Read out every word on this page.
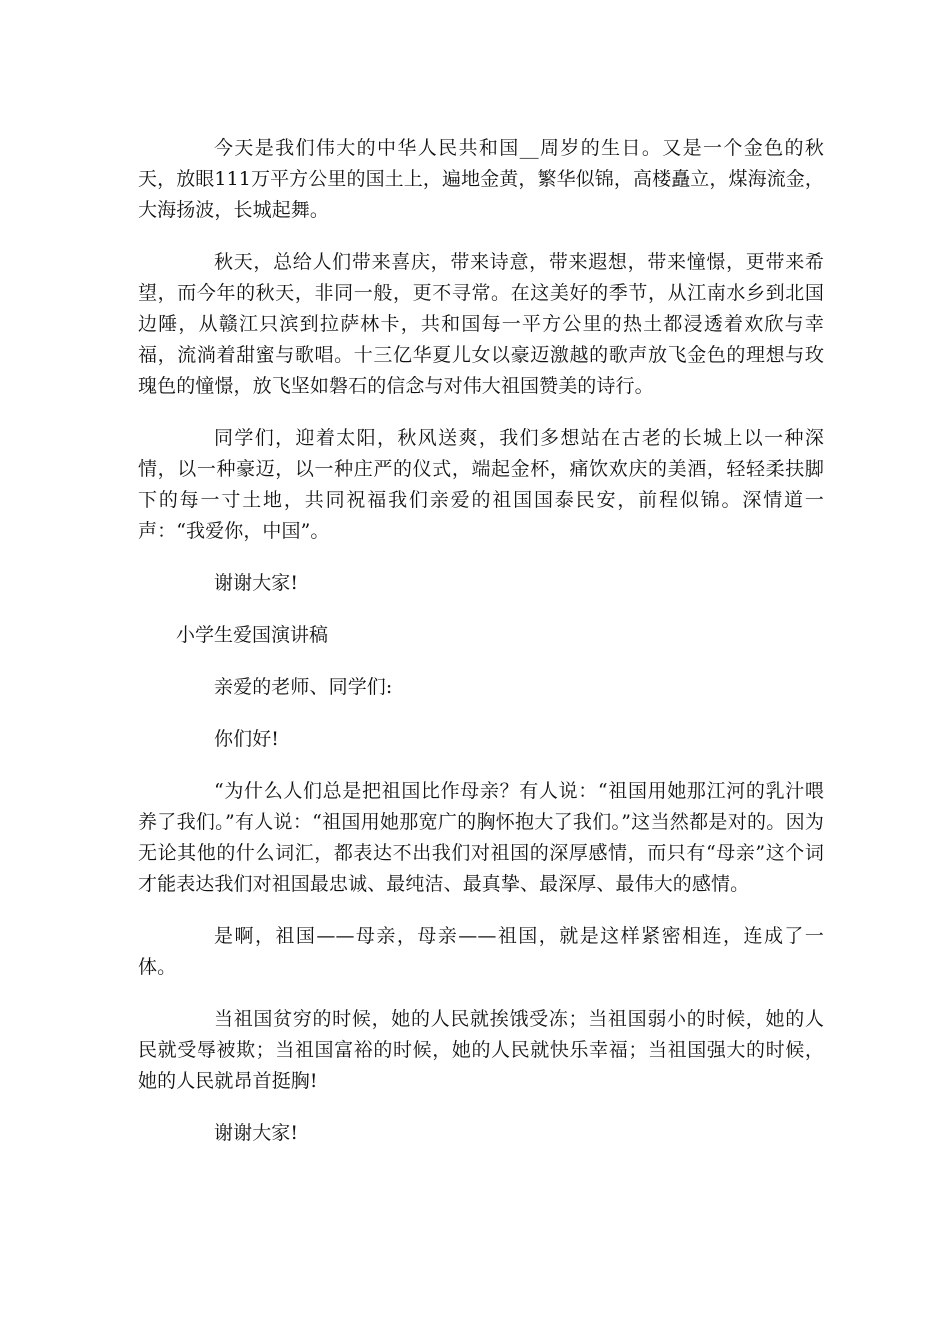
今天是我们伟大的中华人民共和国__周岁的生日。又是一个金色的秋天，放眼111万平方公里的国土上，遍地金黄，繁华似锦，高楼矗立，煤海流金，大海扬波，长城起舞。

秋天，总给人们带来喜庆，带来诗意，带来遐想，带来憧憬，更带来希望，而今年的秋天，非同一般，更不寻常。在这美好的季节，从江南水乡到北国边陲，从赣江只滨到拉萨林卡，共和国每一平方公里的热土都浸透着欢欣与幸福，流淌着甜蜜与歌唱。十三亿华夏儿女以豪迈激越的歌声放飞金色的理想与玫瑰色的憧憬，放飞坚如磐石的信念与对伟大祖国赞美的诗行。

同学们，迎着太阳，秋风送爽，我们多想站在古老的长城上以一种深情，以一种豪迈，以一种庄严的仪式，端起金杯，痛饮欢庆的美酒，轻轻柔扶脚下的每一寸土地，共同祝福我们亲爱的祖国国泰民安，前程似锦。深情道一声：“我爱你，中国”。

谢谢大家!

小学生爱国演讲稿

亲爱的老师、同学们:

你们好!

“为什么人们总是把祖国比作母亲？有人说：“祖国用她那江河的乳汁喂养了我们。”有人说：“祖国用她那宽广的胸怀抱大了我们。”这当然都是对的。因为无论其他的什么词汇，都表达不出我们对祖国的深厚感情，而只有“母亲”这个词才能表达我们对祖国最忠诚、最纯洁、最真挚、最深厚、最伟大的感情。

是啊，祖国——母亲，母亲——祖国，就是这样紧密相连，连成了一体。

当祖国贫穷的时候，她的人民就挨饿受冻；当祖国弱小的时候，她的人民就受辱被欺；当祖国富裕的时候，她的人民就快乐幸福；当祖国强大的时候，她的人民就昂首挺胸!

谢谢大家!
